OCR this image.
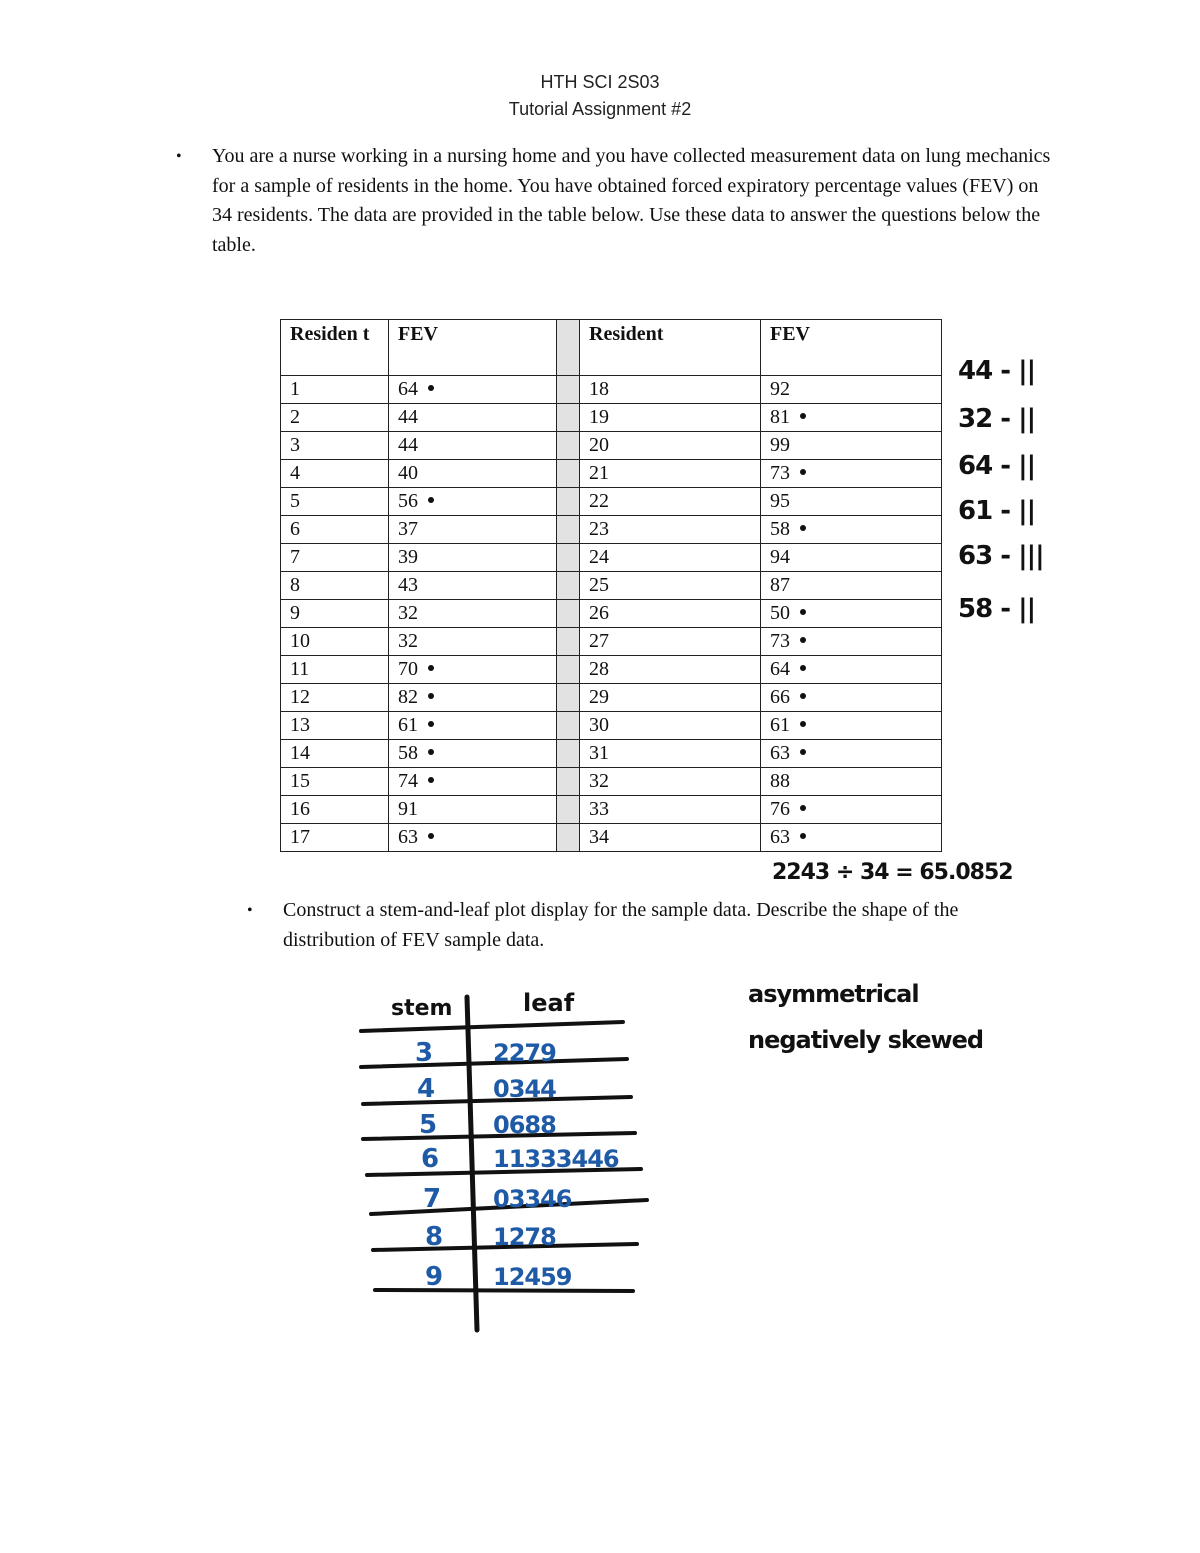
HTH SCI 2S03
Tutorial Assignment #2
• You are a nurse working in a nursing home and you have collected measurement data on lung mechanics for a sample of residents in the home. You have obtained forced expiratory percentage values (FEV) on 34 residents. The data are provided in the table below. Use these data to answer the questions below the table.
Residen t	FEV		Resident	FEV
1	64		18	92
2	44		19	81
3	44		20	99
4	40		21	73
5	56		22	95
6	37		23	58
7	39		24	94
8	43		25	87
9	32		26	50
10	32		27	73
11	70		28	64
12	82		29	66
13	61		30	61
14	58		31	63
15	74		32	88
16	91		33	76
17	63		34	63
44 - ||
32 - ||
64 - ||
61 - ||
63 - |||
58 - ||
2243 ÷ 34 = 65.0852
• Construct a stem-and-leaf plot display for the sample data. Describe the shape of the distribution of FEV sample data.
stem	leaf
3 2279
4 0344
5 0688
6 11333446
7 03346
8 1278
9 12459
asymmetrical
negatively skewed
